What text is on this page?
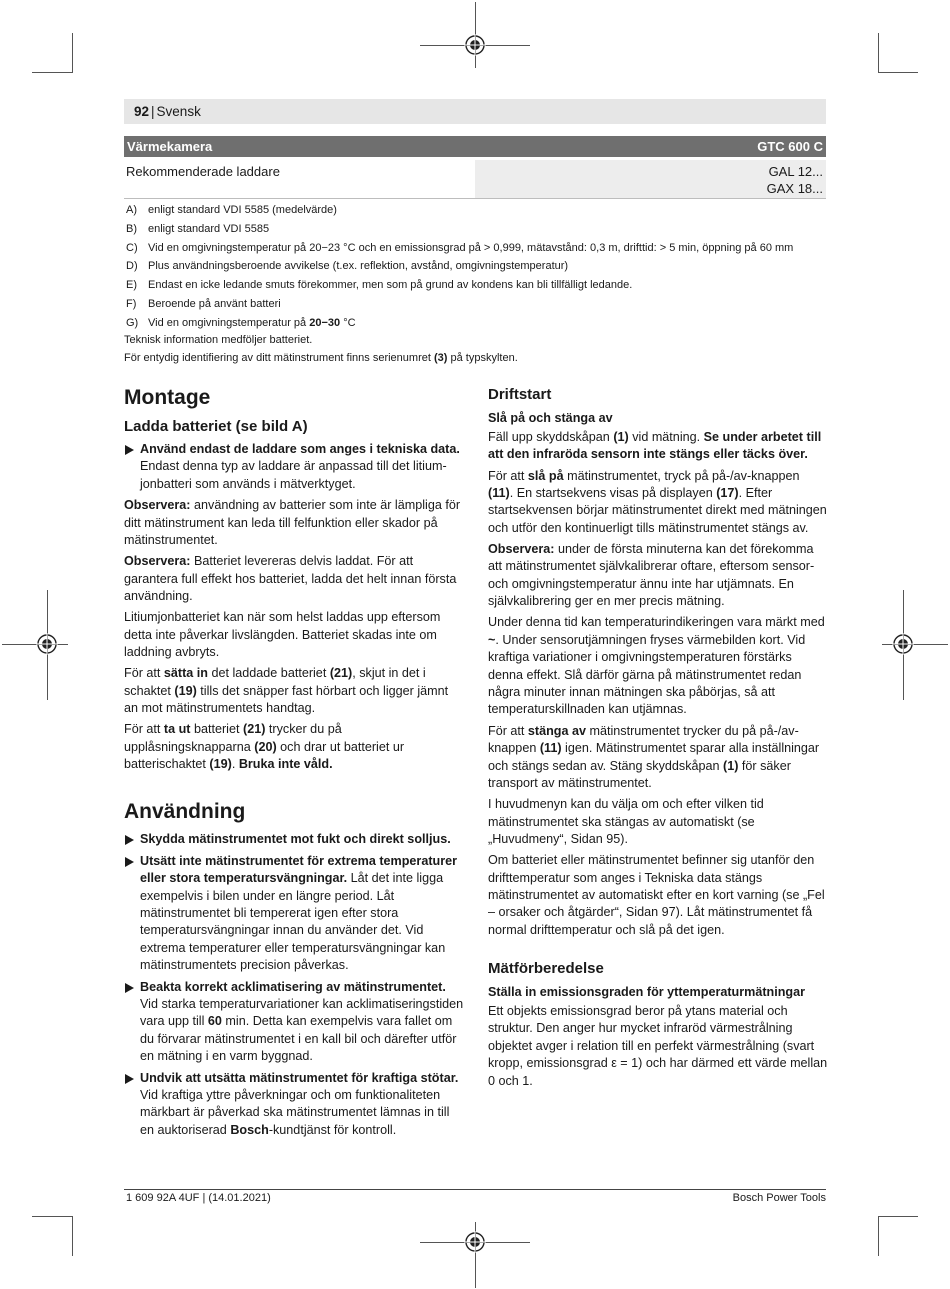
92 | Svensk
Värmekamera	GTC 600 C
Rekommenderade laddare	GAL 12...
GAX 18...
A) enligt standard VDI 5585 (medelvärde)
B) enligt standard VDI 5585
C) Vid en omgivningstemperatur på 20−23 °C och en emissionsgrad på > 0,999, mätavstånd: 0,3 m, drifttid: > 5 min, öppning på 60 mm
D) Plus användningsberoende avvikelse (t.ex. reflektion, avstånd, omgivningstemperatur)
E) Endast en icke ledande smuts förekommer, men som på grund av kondens kan bli tillfälligt ledande.
F) Beroende på använt batteri
G) Vid en omgivningstemperatur på 20−30 °C
Teknisk information medföljer batteriet.
För entydig identifiering av ditt mätinstrument finns serienumret (3) på typskylten.
Montage
Ladda batteriet (se bild A)
Använd endast de laddare som anges i tekniska data. Endast denna typ av laddare är anpassad till det litiumjonbatteri som används i mätverktyget.

Observera: användning av batterier som inte är lämpliga för ditt mätinstrument kan leda till felfunktion eller skador på mätinstrumentet.

Observera: Batteriet levereras delvis laddat. För att garantera full effekt hos batteriet, ladda det helt innan första användning.

Litiumjonbatteriet kan när som helst laddas upp eftersom detta inte påverkar livslängden. Batteriet skadas inte om laddning avbryts.

För att sätta in det laddade batteriet (21), skjut in det i schaktet (19) tills det snäpper fast hörbart och ligger jämnt an mot mätinstrumentets handtag.

För att ta ut batteriet (21) trycker du på upplåsningsknapparna (20) och drar ut batteriet ur batterischaktet (19). Bruka inte våld.

Användning
Skydda mätinstrumentet mot fukt och direkt solljus.
Utsätt inte mätinstrumentet för extrema temperaturer eller stora temperatursvängningar. Låt det inte ligga exempelvis i bilen under en längre period. Låt mätinstrumentet bli tempererat igen efter stora temperatursvängningar innan du använder det. Vid extrema temperaturer eller temperatursvängningar kan mätinstrumentets precision påverkas.
Beakta korrekt acklimatisering av mätinstrumentet. Vid starka temperaturvariationer kan acklimatiseringstiden vara upp till 60 min. Detta kan exempelvis vara fallet om du förvarar mätinstrumentet i en kall bil och därefter utför en mätning i en varm byggnad.
Undvik att utsätta mätinstrumentet för kraftiga stötar. Vid kraftiga yttre påverkningar och om funktionaliteten märkbart är påverkad ska mätinstrumentet lämnas in till en auktoriserad Bosch-kundtjänst för kontroll.
Driftstart
Slå på och stänga av

Fäll upp skyddskåpan (1) vid mätning. Se under arbetet till att den infraröda sensorn inte stängs eller täcks över.

För att slå på mätinstrumentet, tryck på på-/av-knappen (11). En startsekvens visas på displayen (17). Efter startsekvensen börjar mätinstrumentet direkt med mätningen och utför den kontinuerligt tills mätinstrumentet stängs av.

Observera: under de första minuterna kan det förekomma att mätinstrumentet självkalibrerar oftare, eftersom sensor- och omgivningstemperatur ännu inte har utjämnats. En självkalibrering ger en mer precis mätning.

Under denna tid kan temperaturindikeringen vara märkt med ~. Under sensorutjämningen fryses värmebilden kort. Vid kraftiga variationer i omgivningstemperaturen förstärks denna effekt. Slå därför gärna på mätinstrumentet redan några minuter innan mätningen ska påbörjas, så att temperaturskillnaden kan utjämnas.

För att stänga av mätinstrumentet trycker du på på-/av-knappen (11) igen. Mätinstrumentet sparar alla inställningar och stängs sedan av. Stäng skyddskåpan (1) för säker transport av mätinstrumentet.

I huvudmenyn kan du välja om och efter vilken tid mätinstrumentet ska stängas av automatiskt (se „Huvudmeny“, Sidan 95).

Om batteriet eller mätinstrumentet befinner sig utanför den drifttemperatur som anges i Tekniska data stängs mätinstrumentet av automatiskt efter en kort varning (se „Fel – orsaker och åtgärder“, Sidan 97). Låt mätinstrumentet få normal drifttemperatur och slå på det igen.

Mätförberedelse
Ställa in emissionsgraden för yttemperaturmätningar

Ett objekts emissionsgrad beror på ytans material och struktur. Den anger hur mycket infraröd värmestrålning objektet avger i relation till en perfekt värmestrålning (svart kropp, emissionsgrad ε = 1) och har därmed ett värde mellan 0 och 1.

1 609 92A 4UF | (14.01.2021)	Bosch Power Tools
